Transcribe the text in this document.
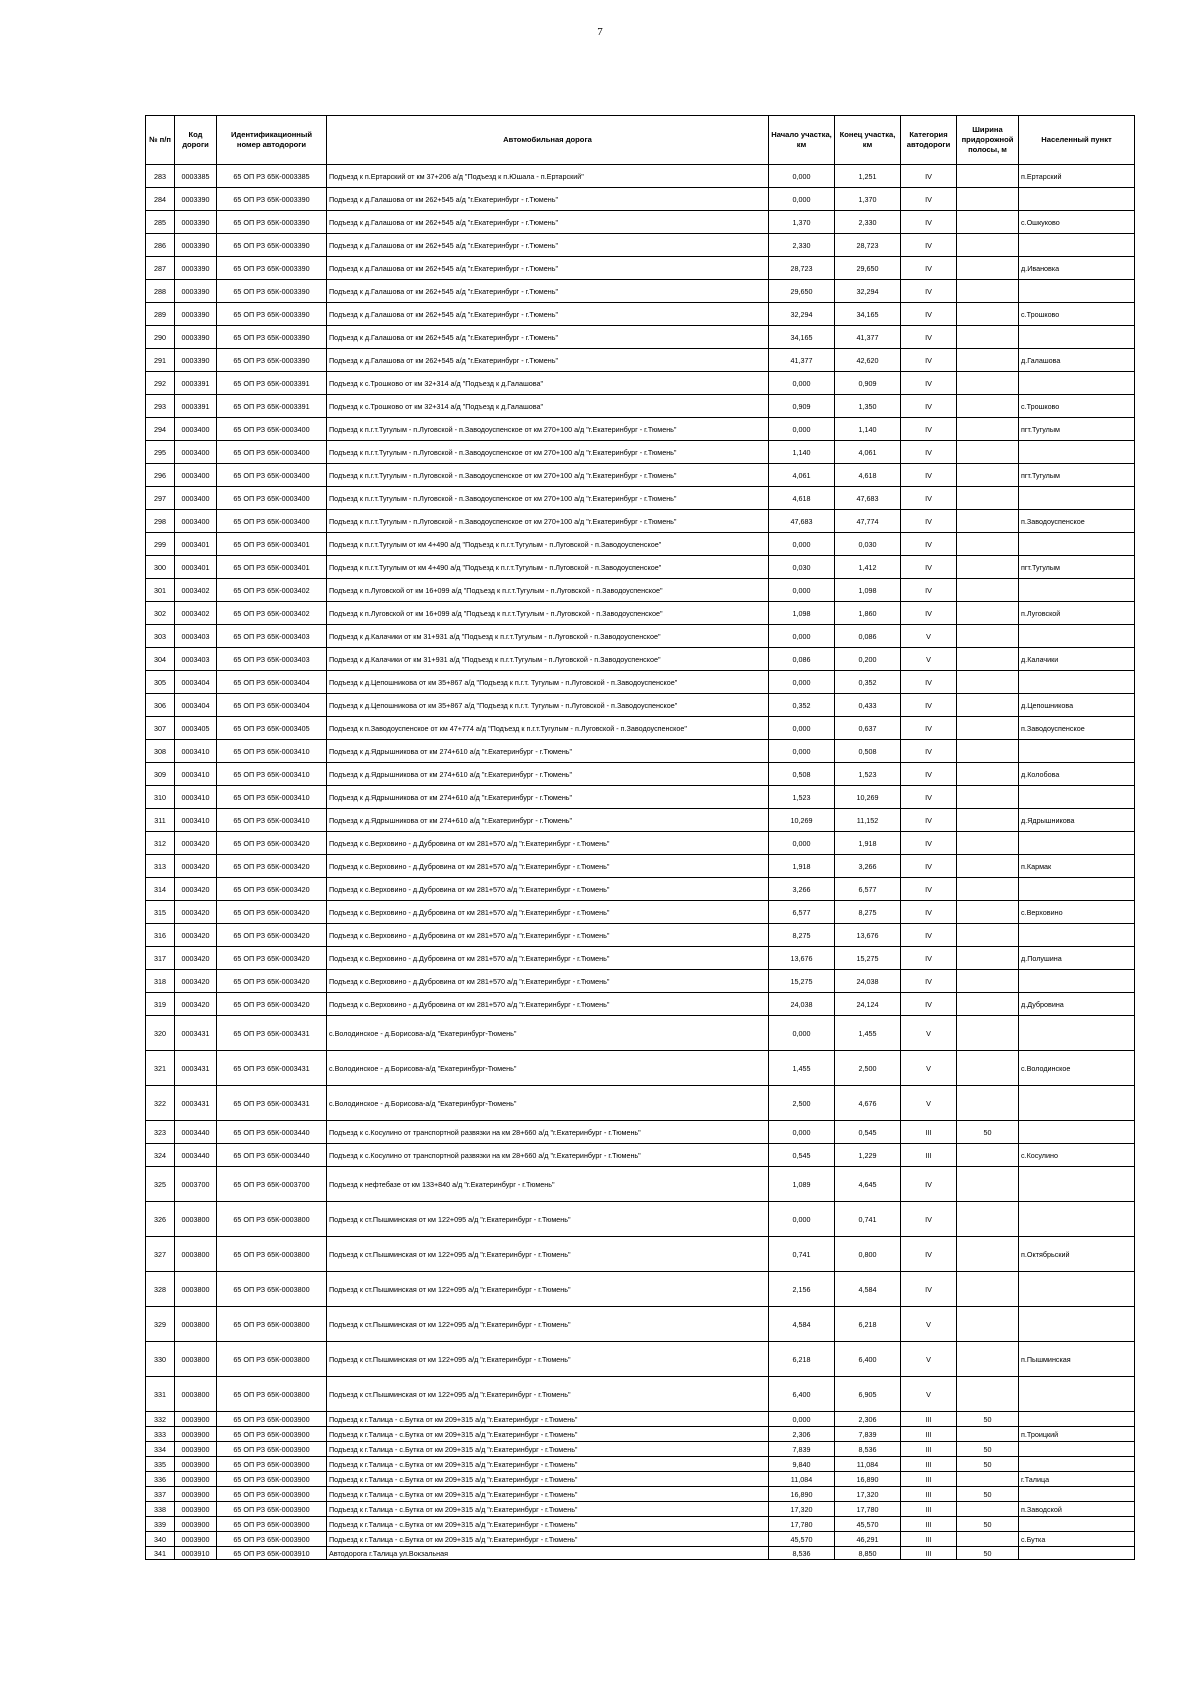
7
№ п/п	Код дороги	Идентификационный номер автодороги	Автомобильная дорога	Начало участка, км	Конец участка, км	Категория автодороги	Ширина придорожной полосы, м	Населенный пункт
283	0003385	65 ОП РЗ 65К-0003385	Подъезд к п.Ертарский от км 37+206 а/д "Подъезд к п.Юшала - п.Ертарский"	0,000	1,251	IV		п.Ертарский
284	0003390	65 ОП РЗ 65К-0003390	Подъезд к д.Галашова от км 262+545 а/д "г.Екатеринбург - г.Тюмень"	0,000	1,370	IV		
285	0003390	65 ОП РЗ 65К-0003390	Подъезд к д.Галашова от км 262+545 а/д "г.Екатеринбург - г.Тюмень"	1,370	2,330	IV		с.Ошкуково
286	0003390	65 ОП РЗ 65К-0003390	Подъезд к д.Галашова от км 262+545 а/д "г.Екатеринбург - г.Тюмень"	2,330	28,723	IV		
287	0003390	65 ОП РЗ 65К-0003390	Подъезд к д.Галашова от км 262+545 а/д "г.Екатеринбург - г.Тюмень"	28,723	29,650	IV		д.Ивановка
288	0003390	65 ОП РЗ 65К-0003390	Подъезд к д.Галашова от км 262+545 а/д "г.Екатеринбург - г.Тюмень"	29,650	32,294	IV		
289	0003390	65 ОП РЗ 65К-0003390	Подъезд к д.Галашова от км 262+545 а/д "г.Екатеринбург - г.Тюмень"	32,294	34,165	IV		с.Трошково
290	0003390	65 ОП РЗ 65К-0003390	Подъезд к д.Галашова от км 262+545 а/д "г.Екатеринбург - г.Тюмень"	34,165	41,377	IV		
291	0003390	65 ОП РЗ 65К-0003390	Подъезд к д.Галашова от км 262+545 а/д "г.Екатеринбург - г.Тюмень"	41,377	42,620	IV		д.Галашова
292	0003391	65 ОП РЗ 65К-0003391	Подъезд к с.Трошково от км 32+314 а/д "Подъезд к д.Галашова"	0,000	0,909	IV		
293	0003391	65 ОП РЗ 65К-0003391	Подъезд к с.Трошково от км 32+314 а/д "Подъезд к д.Галашова"	0,909	1,350	IV		с.Трошково
294	0003400	65 ОП РЗ 65К-0003400	Подъезд к п.г.т.Тугулым - п.Луговской - п.Заводоуспенское от км 270+100 а/д "г.Екатеринбург - г.Тюмень"	0,000	1,140	IV		пгт.Тугулым
295	0003400	65 ОП РЗ 65К-0003400	Подъезд к п.г.т.Тугулым - п.Луговской - п.Заводоуспенское от км 270+100 а/д "г.Екатеринбург - г.Тюмень"	1,140	4,061	IV		
296	0003400	65 ОП РЗ 65К-0003400	Подъезд к п.г.т.Тугулым - п.Луговской - п.Заводоуспенское от км 270+100 а/д "г.Екатеринбург - г.Тюмень"	4,061	4,618	IV		пгт.Тугулым
297	0003400	65 ОП РЗ 65К-0003400	Подъезд к п.г.т.Тугулым - п.Луговской - п.Заводоуспенское от км 270+100 а/д "г.Екатеринбург - г.Тюмень"	4,618	47,683	IV		
298	0003400	65 ОП РЗ 65К-0003400	Подъезд к п.г.т.Тугулым - п.Луговской - п.Заводоуспенское от км 270+100 а/д "г.Екатеринбург - г.Тюмень"	47,683	47,774	IV		п.Заводоуспенское
299	0003401	65 ОП РЗ 65К-0003401	Подъезд к п.г.т.Тугулым от км 4+490 а/д "Подъезд к п.г.т.Тугулым - п.Луговской - п.Заводоуспенское"	0,000	0,030	IV		
300	0003401	65 ОП РЗ 65К-0003401	Подъезд к п.г.т.Тугулым от км 4+490 а/д "Подъезд к п.г.т.Тугулым - п.Луговской - п.Заводоуспенское"	0,030	1,412	IV		пгт.Тугулым
301	0003402	65 ОП РЗ 65К-0003402	Подъезд к п.Луговской от км 16+099 а/д "Подъезд к п.г.т.Тугулым - п.Луговской - п.Заводоуспенское"	0,000	1,098	IV		
302	0003402	65 ОП РЗ 65К-0003402	Подъезд к п.Луговской от км 16+099 а/д "Подъезд к п.г.т.Тугулым - п.Луговской - п.Заводоуспенское"	1,098	1,860	IV		п.Луговской
303	0003403	65 ОП РЗ 65К-0003403	Подъезд к д.Калачики от км 31+931 а/д "Подъезд к п.г.т.Тугулым - п.Луговской - п.Заводоуспенское"	0,000	0,086	V		
304	0003403	65 ОП РЗ 65К-0003403	Подъезд к д.Калачики от км 31+931 а/д "Подъезд к п.г.т.Тугулым - п.Луговской - п.Заводоуспенское"	0,086	0,200	V		д.Калачики
305	0003404	65 ОП РЗ 65К-0003404	Подъезд к д.Цепошникова от км 35+867 а/д "Подъезд к п.г.т. Тугулым - п.Луговской - п.Заводоуспенское"	0,000	0,352	IV		
306	0003404	65 ОП РЗ 65К-0003404	Подъезд к д.Цепошникова от км 35+867 а/д "Подъезд к п.г.т. Тугулым - п.Луговской - п.Заводоуспенское"	0,352	0,433	IV		д.Цепошникова
307	0003405	65 ОП РЗ 65К-0003405	Подъезд к п.Заводоуспенское от км 47+774 а/д "Подъезд к п.г.т.Тугулым - п.Луговской - п.Заводоуспенское"	0,000	0,637	IV		п.Заводоуспенское
308	0003410	65 ОП РЗ 65К-0003410	Подъезд к д.Ядрышникова от км 274+610 а/д "г.Екатеринбург - г.Тюмень"	0,000	0,508	IV		
309	0003410	65 ОП РЗ 65К-0003410	Подъезд к д.Ядрышникова от км 274+610 а/д "г.Екатеринбург - г.Тюмень"	0,508	1,523	IV		д.Колобова
310	0003410	65 ОП РЗ 65К-0003410	Подъезд к д.Ядрышникова от км 274+610 а/д "г.Екатеринбург - г.Тюмень"	1,523	10,269	IV		
311	0003410	65 ОП РЗ 65К-0003410	Подъезд к д.Ядрышникова от км 274+610 а/д "г.Екатеринбург - г.Тюмень"	10,269	11,152	IV		д.Ядрышникова
312	0003420	65 ОП РЗ 65К-0003420	Подъезд к с.Верховино - д.Дубровина от км 281+570 а/д "г.Екатеринбург - г.Тюмень"	0,000	1,918	IV		
313	0003420	65 ОП РЗ 65К-0003420	Подъезд к с.Верховино - д.Дубровина от км 281+570 а/д "г.Екатеринбург - г.Тюмень"	1,918	3,266	IV		п.Кармак
314	0003420	65 ОП РЗ 65К-0003420	Подъезд к с.Верховино - д.Дубровина от км 281+570 а/д "г.Екатеринбург - г.Тюмень"	3,266	6,577	IV		
315	0003420	65 ОП РЗ 65К-0003420	Подъезд к с.Верховино - д.Дубровина от км 281+570 а/д "г.Екатеринбург - г.Тюмень"	6,577	8,275	IV		с.Верховино
316	0003420	65 ОП РЗ 65К-0003420	Подъезд к с.Верховино - д.Дубровина от км 281+570 а/д "г.Екатеринбург - г.Тюмень"	8,275	13,676	IV		
317	0003420	65 ОП РЗ 65К-0003420	Подъезд к с.Верховино - д.Дубровина от км 281+570 а/д "г.Екатеринбург - г.Тюмень"	13,676	15,275	IV		д.Полушина
318	0003420	65 ОП РЗ 65К-0003420	Подъезд к с.Верховино - д.Дубровина от км 281+570 а/д "г.Екатеринбург - г.Тюмень"	15,275	24,038	IV		
319	0003420	65 ОП РЗ 65К-0003420	Подъезд к с.Верховино - д.Дубровина от км 281+570 а/д "г.Екатеринбург - г.Тюмень"	24,038	24,124	IV		д.Дубровина
320	0003431	65 ОП РЗ 65К-0003431	с.Володинское - д.Борисова-а/д "Екатеринбург-Тюмень"	0,000	1,455	V		
321	0003431	65 ОП РЗ 65К-0003431	с.Володинское - д.Борисова-а/д "Екатеринбург-Тюмень"	1,455	2,500	V		с.Володинское
322	0003431	65 ОП РЗ 65К-0003431	с.Володинское - д.Борисова-а/д "Екатеринбург-Тюмень"	2,500	4,676	V		
323	0003440	65 ОП РЗ 65К-0003440	Подъезд к с.Косулино от транспортной развязки на км 28+660 а/д "г.Екатеринбург - г.Тюмень"	0,000	0,545	III	50	
324	0003440	65 ОП РЗ 65К-0003440	Подъезд к с.Косулино от транспортной развязки на км 28+660 а/д "г.Екатеринбург - г.Тюмень"	0,545	1,229	III		с.Косулино
325	0003700	65 ОП РЗ 65К-0003700	Подъезд к нефтебазе от км 133+840 а/д "г.Екатеринбург - г.Тюмень"	1,089	4,645	IV		
326	0003800	65 ОП РЗ 65К-0003800	Подъезд к ст.Пышминская от км 122+095 а/д "г.Екатеринбург - г.Тюмень"	0,000	0,741	IV		
327	0003800	65 ОП РЗ 65К-0003800	Подъезд к ст.Пышминская от км 122+095 а/д "г.Екатеринбург - г.Тюмень"	0,741	0,800	IV		п.Октябрьский
328	0003800	65 ОП РЗ 65К-0003800	Подъезд к ст.Пышминская от км 122+095 а/д "г.Екатеринбург - г.Тюмень"	2,156	4,584	IV		
329	0003800	65 ОП РЗ 65К-0003800	Подъезд к ст.Пышминская от км 122+095 а/д "г.Екатеринбург - г.Тюмень"	4,584	6,218	V		
330	0003800	65 ОП РЗ 65К-0003800	Подъезд к ст.Пышминская от км 122+095 а/д "г.Екатеринбург - г.Тюмень"	6,218	6,400	V		п.Пышминская
331	0003800	65 ОП РЗ 65К-0003800	Подъезд к ст.Пышминская от км 122+095 а/д "г.Екатеринбург - г.Тюмень"	6,400	6,905	V		
332	0003900	65 ОП РЗ 65К-0003900	Подъезд к г.Талица - с.Бутка от км 209+315 а/д "г.Екатеринбург - г.Тюмень"	0,000	2,306	III	50	
333	0003900	65 ОП РЗ 65К-0003900	Подъезд к г.Талица - с.Бутка от км 209+315 а/д "г.Екатеринбург - г.Тюмень"	2,306	7,839	III		п.Троицкий
334	0003900	65 ОП РЗ 65К-0003900	Подъезд к г.Талица - с.Бутка от км 209+315 а/д "г.Екатеринбург - г.Тюмень"	7,839	8,536	III	50	
335	0003900	65 ОП РЗ 65К-0003900	Подъезд к г.Талица - с.Бутка от км 209+315 а/д "г.Екатеринбург - г.Тюмень"	9,840	11,084	III	50	
336	0003900	65 ОП РЗ 65К-0003900	Подъезд к г.Талица - с.Бутка от км 209+315 а/д "г.Екатеринбург - г.Тюмень"	11,084	16,890	III		г.Талица
337	0003900	65 ОП РЗ 65К-0003900	Подъезд к г.Талица - с.Бутка от км 209+315 а/д "г.Екатеринбург - г.Тюмень"	16,890	17,320	III	50	
338	0003900	65 ОП РЗ 65К-0003900	Подъезд к г.Талица - с.Бутка от км 209+315 а/д "г.Екатеринбург - г.Тюмень"	17,320	17,780	III		п.Заводской
339	0003900	65 ОП РЗ 65К-0003900	Подъезд к г.Талица - с.Бутка от км 209+315 а/д "г.Екатеринбург - г.Тюмень"	17,780	45,570	III	50	
340	0003900	65 ОП РЗ 65К-0003900	Подъезд к г.Талица - с.Бутка от км 209+315 а/д "г.Екатеринбург - г.Тюмень"	45,570	46,291	III		с.Бутка
341	0003910	65 ОП РЗ 65К-0003910	Автодорога г.Талица ул.Вокзальная	8,536	8,850	III	50	
